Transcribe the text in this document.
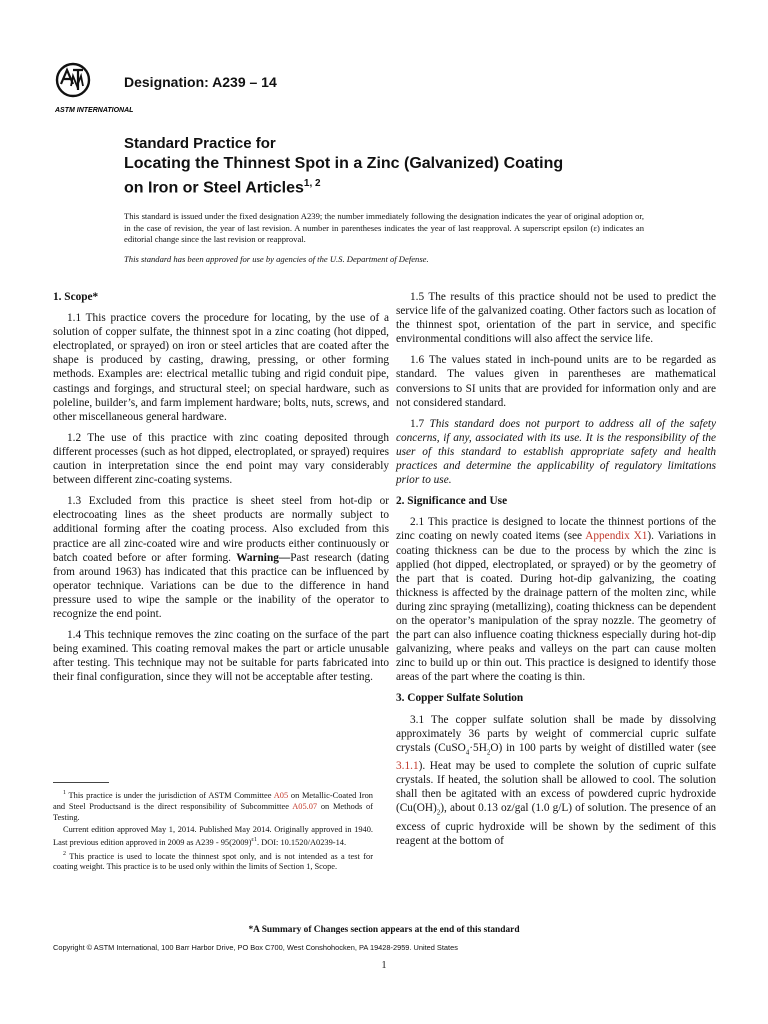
ASTM INTERNATIONAL
Designation: A239 – 14
Standard Practice for
Locating the Thinnest Spot in a Zinc (Galvanized) Coating
on Iron or Steel Articles$^{1, 2}$
This standard is issued under the fixed designation A239; the number immediately following the designation indicates the year of original adoption or, in the case of revision, the year of last revision. A number in parentheses indicates the year of last reapproval. A superscript epsilon (ε) indicates an editorial change since the last revision or reapproval.
This standard has been approved for use by agencies of the U.S. Department of Defense.
1. Scope*

1.1 This practice covers the procedure for locating, by the use of a solution of copper sulfate, the thinnest spot in a zinc coating (hot dipped, electroplated, or sprayed) on iron or steel articles that are coated after the shape is produced by casting, drawing, pressing, or other forming methods. Examples are: electrical metallic tubing and rigid conduit pipe, castings and forgings, and structural steel; on special hardware, such as poleline, builder’s, and farm implement hardware; bolts, nuts, screws, and other miscellaneous general hardware.

1.2 The use of this practice with zinc coating deposited through different processes (such as hot dipped, electroplated, or sprayed) requires caution in interpretation since the end point may vary considerably between different zinc-coating systems.

1.3 Excluded from this practice is sheet steel from hot-dip or electrocoating lines as the sheet products are normally subject to additional forming after the coating process. Also excluded from this practice are all zinc-coated wire and wire products either continuously or batch coated before or after forming. Warning—Past research (dating from around 1963) has indicated that this practice can be influenced by operator technique. Variations can be due to the difference in hand pressure used to wipe the sample or the inability of the operator to recognize the end point.

1.4 This technique removes the zinc coating on the surface of the part being examined. This coating removal makes the part or article unusable after testing. This technique may not be suitable for parts fabricated into their final configuration, since they will not be acceptable after testing.

$^1$ This practice is under the jurisdiction of ASTM Committee A05 on Metallic-Coated Iron and Steel Productsand is the direct responsibility of Subcommittee A05.07 on Methods of Testing.

Current edition approved May 1, 2014. Published May 2014. Originally approved in 1940. Last previous edition approved in 2009 as $A239 - 95(2009)^{\varepsilon 1}$. DOI: 10.1520/A0239-14.

$^2$ This practice is used to locate the thinnest spot only, and is not intended as a test for coating weight. This practice is to be used only within the limits of Section 1, Scope.

1.5 The results of this practice should not be used to predict the service life of the galvanized coating. Other factors such as location of the thinnest spot, orientation of the part in service, and specific environmental conditions will also affect the service life.

1.6 The values stated in inch-pound units are to be regarded as standard. The values given in parentheses are mathematical conversions to SI units that are provided for information only and are not considered standard.

1.7 This standard does not purport to address all of the safety concerns, if any, associated with its use. It is the responsibility of the user of this standard to establish appropriate safety and health practices and determine the applicability of regulatory limitations prior to use.

2. Significance and Use

2.1 This practice is designed to locate the thinnest portions of the zinc coating on newly coated items (see Appendix X1). Variations in coating thickness can be due to the process by which the zinc is applied (hot dipped, electroplated, or sprayed) or by the geometry of the part that is coated. During hot-dip galvanizing, the coating thickness is affected by the drainage pattern of the molten zinc, while during zinc spraying (metallizing), coating thickness can be dependent on the operator’s manipulation of the spray nozzle. The geometry of the part can also influence coating thickness especially during hot-dip galvanizing, where peaks and valleys on the part can cause molten zinc to build up or thin out. This practice is designed to identify those areas of the part where the coating is thin.

3. Copper Sulfate Solution

3.1 The copper sulfate solution shall be made by dissolving approximately 36 parts by weight of commercial cupric sulfate crystals $(CuSO_4\cdot 5H_2O)$ in 100 parts by weight of distilled water (see 3.1.1). Heat may be used to complete the solution of cupric sulfate crystals. If heated, the solution shall be allowed to cool. The solution shall then be agitated with an excess of powdered cupric hydroxide $(Cu(OH)_2)$, about 0.13 oz/gal (1.0 g/L) of solution. The presence of an excess of cupric hydroxide will be shown by the sediment of this reagent at the bottom of

*A Summary of Changes section appears at the end of this standard
Copyright © ASTM International, 100 Barr Harbor Drive, PO Box C700, West Conshohocken, PA 19428-2959. United States
1
